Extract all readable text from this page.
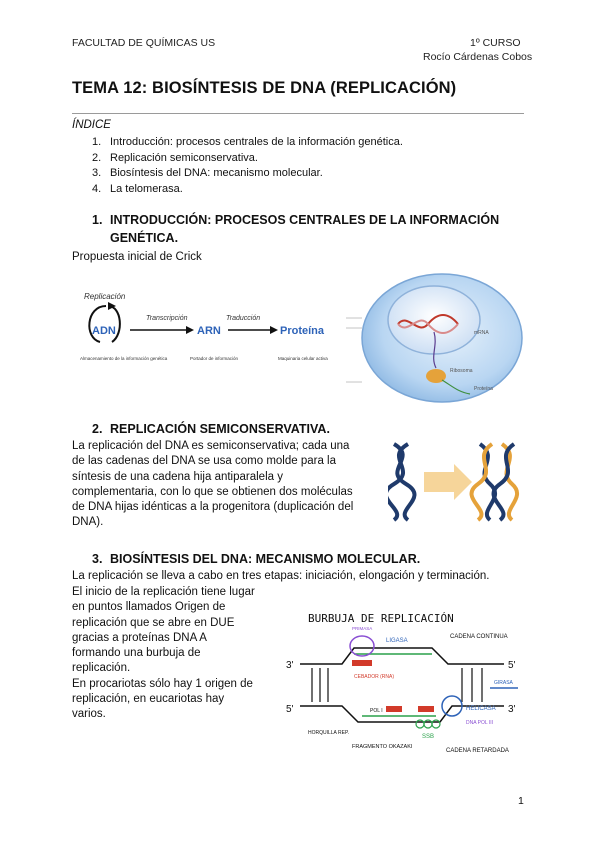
FACULTAD DE QUÍMICAS US	1º CURSO
Rocío Cárdenas Cobos
TEMA 12: BIOSÍNTESIS DE DNA (REPLICACIÓN)
ÍNDICE
1. Introducción: procesos centrales de la información genética.
2. Replicación semiconservativa.
3. Biosíntesis del DNA: mecanismo molecular.
4. La telomerasa.
1. INTRODUCCIÓN: PROCESOS CENTRALES DE LA INFORMACIÓN
GENÉTICA.
Propuesta inicial de Crick
Replicación
ADN
Transcripción
ARN
Traducción
Proteína
Almacenamiento de la información genética	Portador de información	Maquinaria celular activa
mRNA
Ribosoma
Proteína
2. REPLICACIÓN SEMICONSERVATIVA.
La replicación del DNA es semiconservativa; cada una
de las cadenas del DNA se usa como molde para la
síntesis de una cadena hija antiparalela y
complementaria, con lo que se obtienen dos moléculas
de DNA hijas idénticas a la progenitora (duplicación del
DNA).
3. BIOSÍNTESIS DEL DNA: MECANISMO MOLECULAR.
La replicación se lleva a cabo en tres etapas: iniciación, elongación y terminación.
El inicio de la replicación tiene lugar
en puntos llamados Origen de
replicación que se abre en DUE
gracias a proteínas DNA A
formando una burbuja de
replicación.
En procariotas sólo hay 1 origen de
replicación, en eucariotas hay
varios.
BURBUJA DE REPLICACIÓN
3'	5'
5'	3'
PRIMASA
CEBADOR (RNA)
LIGASA
CADENA CONTINUA
POL I
SSB
HELICASA
DNA POL III
GIRASA
HORQUILLA REP.
FRAGMENTO OKAZAKI
CADENA RETARDADA
1
